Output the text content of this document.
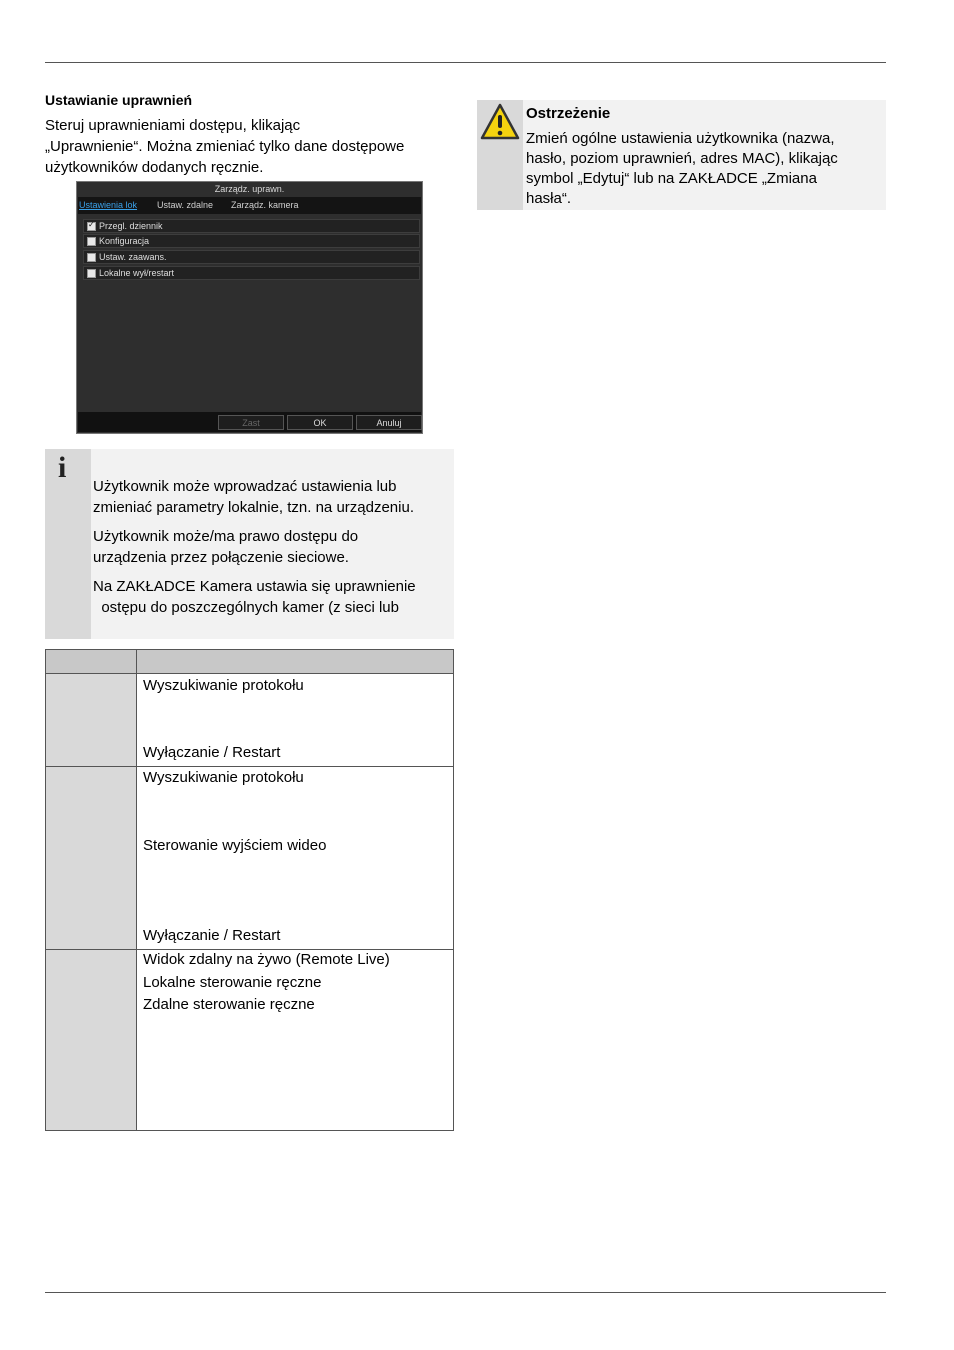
Ustawianie uprawnień
Steruj uprawnieniami dostępu, klikając
„Uprawnienie“. Można zmieniać tylko dane dostępowe
użytkowników dodanych ręcznie.
Zarządz. uprawn.
Ustawienia lok Ustaw. zdalne Zarządz. kamera
✓
Przegl. dziennik
Konfiguracja
Ustaw. zaawans.
Lokalne wył/restart
Zast	OK	Anuluj
i

Użytkownik może wprowadzać ustawienia lub
zmieniać parametry lokalnie, tzn. na urządzeniu.

Użytkownik może/ma prawo dostępu do
urządzenia przez połączenie sieciowe.

Na ZAKŁADCE Kamera ustawia się uprawnienie
ostępu do poszczególnych kamer (z sieci lub

	Wyszukiwanie protokołu
Wyłączanie / Restart

	Wyszukiwanie protokołu
Sterowanie wyjściem wideo
Wyłączanie / Restart

	Widok zdalny na żywo (Remote Live)
Lokalne sterowanie ręczne
Zdalne sterowanie ręczne
Ostrzeżenie
Zmień ogólne ustawienia użytkownika (nazwa,
hasło, poziom uprawnień, adres MAC), klikając
symbol „Edytuj“ lub na ZAKŁADCE „Zmiana
hasła“.
